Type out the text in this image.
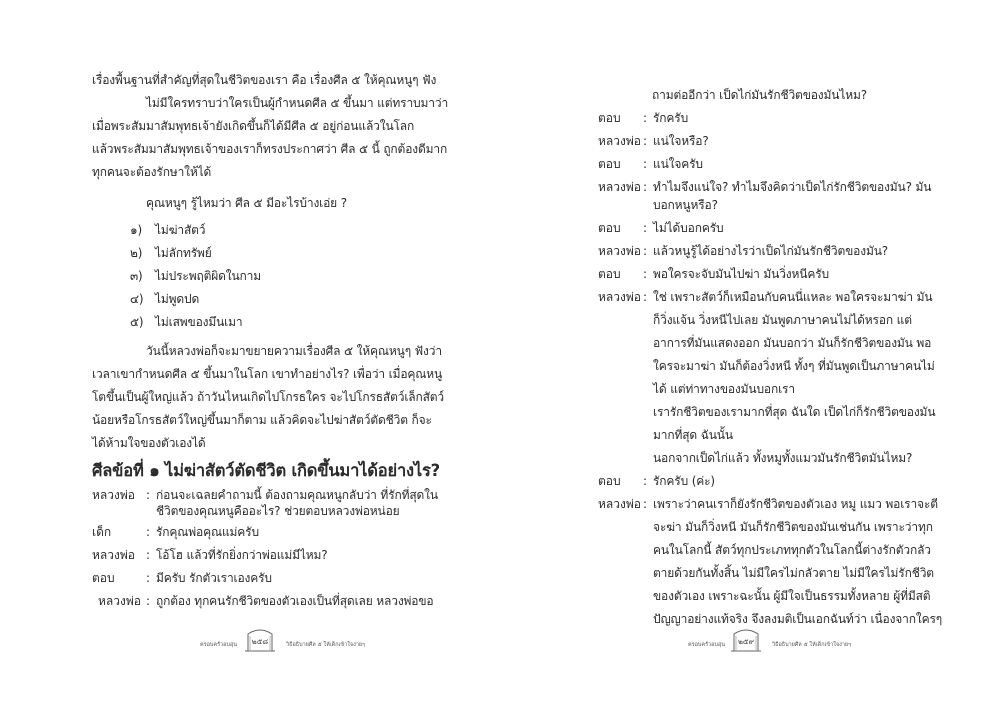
เรื่องพื้นฐานที่สำคัญที่สุดในชีวิตของเรา คือ เรื่องศีล ๕ ให้คุณหนูๆ ฟัง
ไม่มีใครทราบว่าใครเป็นผู้กำหนดศีล ๕ ขึ้นมา แต่ทราบมาว่า
เมื่อพระสัมมาสัมพุทธเจ้ายังเกิดขึ้นก็ได้มีศีล ๕ อยู่ก่อนแล้วในโลก
แล้วพระสัมมาสัมพุทธเจ้าของเราก็ทรงประกาศว่า ศีล ๕ นี้ ถูกต้องดีมาก
ทุกคนจะต้องรักษาให้ได้
คุณหนูๆ รู้ไหมว่า ศีล ๕ มีอะไรบ้างเอ่ย ?
๑) ไม่ฆ่าสัตว์
๒) ไม่ลักทรัพย์
๓) ไม่ประพฤติผิดในกาม
๔) ไม่พูดปด
๕) ไม่เสพของมึนเมา
วันนี้หลวงพ่อก็จะมาขยายความเรื่องศีล ๕ ให้คุณหนูๆ ฟังว่า
เวลาเขากำหนดศีล ๕ ขึ้นมาในโลก เขาทำอย่างไร? เพื่อว่า เมื่อคุณหนู
โตขึ้นเป็นผู้ใหญ่แล้ว ถ้าวันไหนเกิดไปโกรธใคร จะไปโกรธสัตว์เล็กสัตว์
น้อยหรือโกรธสัตว์ใหญ่ขึ้นมาก็ตาม แล้วคิดจะไปฆ่าสัตว์ตัดชีวิต ก็จะ
ได้ห้ามใจของตัวเองได้
ศีลข้อที่ ๑ ไม่ฆ่าสัตว์ตัดชีวิต เกิดขึ้นมาได้อย่างไร?
หลวงพ่อ : ก่อนจะเฉลยคำถามนี้ ต้องถามคุณหนูกลับว่า ที่รักที่สุดใน
ชีวิตของคุณหนูคืออะไร? ช่วยตอบหลวงพ่อหน่อย
เด็ก	: รักคุณพ่อคุณแม่ครับ
หลวงพ่อ : โอ้โฮ แล้วที่รักยิ่งกว่าพ่อแม่มีไหม?
ตอบ	: มีครับ รักตัวเราเองครับ
หลวงพ่อ : ถูกต้อง ทุกคนรักชีวิตของตัวเองเป็นที่สุดเลย หลวงพ่อขอ
ครอบครัวอบอุ่น	๒๕๘	วิธีอธิบายศีล ๕ ให้เด็กเข้าใจง่ายๆ
ถามต่ออีกว่า เป็ดไก่มันรักชีวิตของมันไหม?
ตอบ : รักครับ
หลวงพ่อ : แน่ใจหรือ?
ตอบ : แน่ใจครับ
หลวงพ่อ : ทำไมจึงแน่ใจ? ทำไมจึงคิดว่าเป็ดไก่รักชีวิตของมัน? มัน
บอกหนูหรือ?
ตอบ : ไม่ได้บอกครับ
หลวงพ่อ : แล้วหนูรู้ได้อย่างไรว่าเป็ดไก่มันรักชีวิตของมัน?
ตอบ : พอใครจะจับมันไปฆ่า มันวิ่งหนีครับ
หลวงพ่อ : ใช่ เพราะสัตว์ก็เหมือนกับคนนี่แหละ พอใครจะมาฆ่า มัน
ก็วิ่งแจ้น วิ่งหนีไปเลย มันพูดภาษาคนไม่ได้หรอก แต่
อาการที่มันแสดงออก มันบอกว่า มันก็รักชีวิตของมัน พอ
ใครจะมาฆ่า มันก็ต้องวิ่งหนี ทั้งๆ ที่มันพูดเป็นภาษาคนไม่
ได้ แต่ท่าทางของมันบอกเรา
เรารักชีวิตของเรามากที่สุด ฉันใด เป็ดไก่ก็รักชีวิตของมัน
มากที่สุด ฉันนั้น
นอกจากเป็ดไก่แล้ว ทั้งหมูทั้งแมวมันรักชีวิตมันไหม?
ตอบ : รักครับ (ค่ะ)
หลวงพ่อ : เพราะว่าคนเราก็ยังรักชีวิตของตัวเอง หมู แมว พอเราจะตี
จะฆ่า มันก็วิ่งหนี มันก็รักชีวิตของมันเช่นกัน เพราะว่าทุก
คนในโลกนี้ สัตว์ทุกประเภททุกตัวในโลกนี้ต่างรักตัวกลัว
ตายด้วยกันทั้งสิ้น ไม่มีใครไม่กลัวตาย ไม่มีใครไม่รักชีวิต
ของตัวเอง เพราะฉะนั้น ผู้มีใจเป็นธรรมทั้งหลาย ผู้ที่มีสติ
ปัญญาอย่างแท้จริง จึงลงมติเป็นเอกฉันท์ว่า เนื่องจากใครๆ
ครอบครัวอบอุ่น	๒๕๙	วิธีอธิบายศีล ๕ ให้เด็กเข้าใจง่ายๆ
